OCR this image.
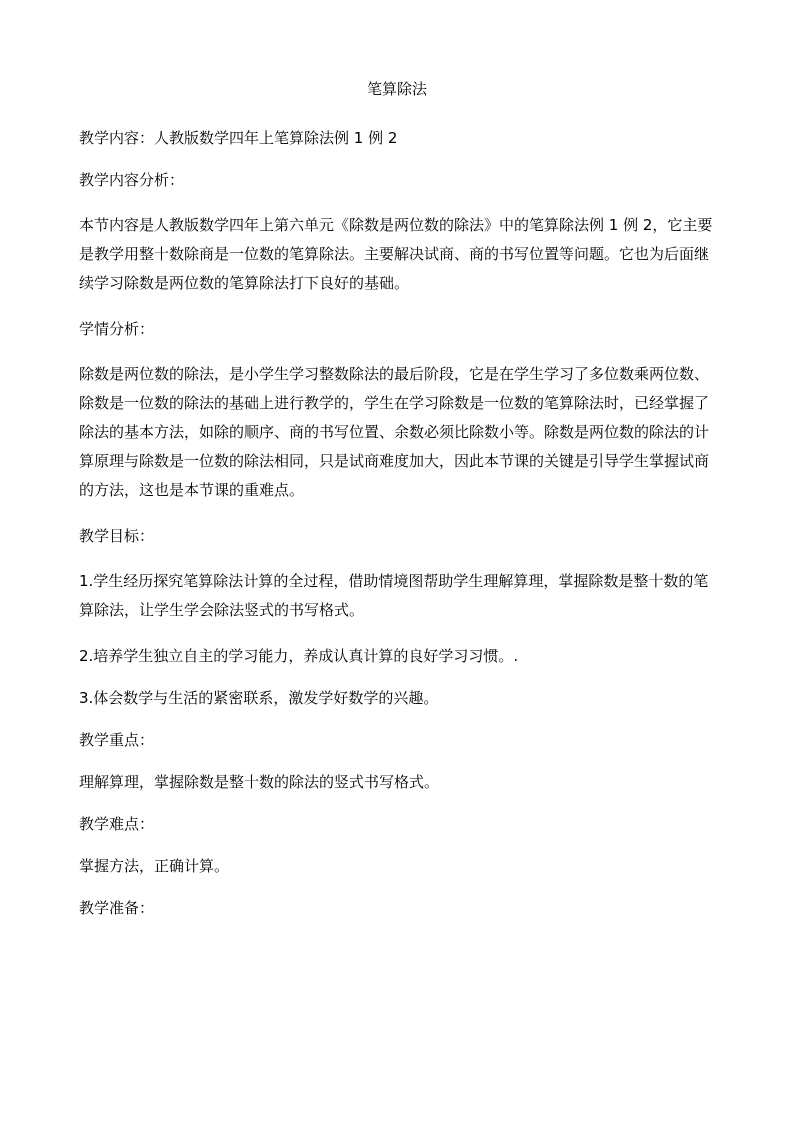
笔算除法

教学内容：人教版数学四年上笔算除法例 1 例 2

教学内容分析：

本节内容是人教版数学四年上第六单元《除数是两位数的除法》中的笔算除法例 1 例 2，它主要是教学用整十数除商是一位数的笔算除法。主要解决试商、商的书写位置等问题。它也为后面继续学习除数是两位数的笔算除法打下良好的基础。

学情分析：

除数是两位数的除法，是小学生学习整数除法的最后阶段，它是在学生学习了多位数乘两位数、除数是一位数的除法的基础上进行教学的，学生在学习除数是一位数的笔算除法时，已经掌握了除法的基本方法，如除的顺序、商的书写位置、余数必须比除数小等。除数是两位数的除法的计算原理与除数是一位数的除法相同，只是试商难度加大，因此本节课的关键是引导学生掌握试商的方法，这也是本节课的重难点。

教学目标：

1.学生经历探究笔算除法计算的全过程，借助情境图帮助学生理解算理，掌握除数是整十数的笔算除法，让学生学会除法竖式的书写格式。

2.培养学生独立自主的学习能力，养成认真计算的良好学习习惯。.

3.体会数学与生活的紧密联系，激发学好数学的兴趣。

教学重点：

理解算理，掌握除数是整十数的除法的竖式书写格式。

教学难点：

掌握方法，正确计算。

教学准备：
